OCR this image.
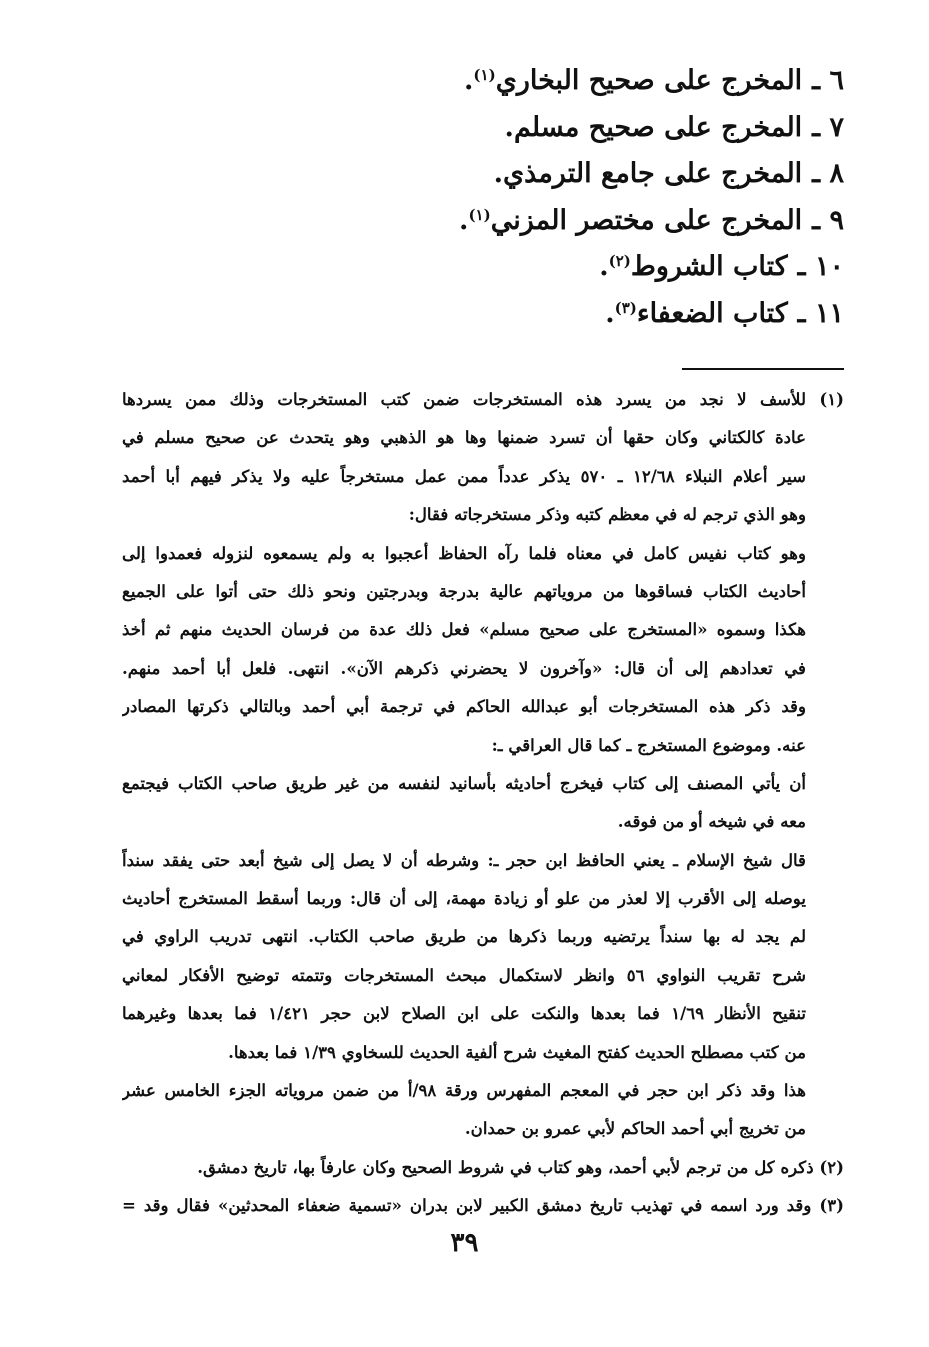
٦ ـالمخرج على صحيح البخاري$^{(١)}$.
٧ ـالمخرج على صحيح مسلم.
٨ ـالمخرج على جامع الترمذي.
٩ ـالمخرج على مختصر المزني$^{(١)}$.
١٠ ـكتاب الشروط$^{(٢)}$.
١١ ـكتاب الضعفاء$^{(٣)}$.
(١) للأسف لا نجد من يسرد هذه المستخرجات ضمن كتب المستخرجات وذلك ممن يسردها
عادة كالكتاني وكان حقها أن تسرد ضمنها وها هو الذهبي وهو يتحدث عن صحيح مسلم في
سير أعلام النبلاء ١٢/٦٨ ـ ٥٧٠ يذكر عدداً ممن عمل مستخرجاً عليه ولا يذكر فيهم أبا أحمد
وهو الذي ترجم له في معظم كتبه وذكر مستخرجاته فقال:
وهو كتاب نفيس كامل في معناه فلما رآه الحفاظ أعجبوا به ولم يسمعوه لنزوله فعمدوا إلى
أحاديث الكتاب فساقوها من مروياتهم عالية بدرجة وبدرجتين ونحو ذلك حتى أتوا على الجميع
هكذا وسموه «المستخرج على صحيح مسلم» فعل ذلك عدة من فرسان الحديث منهم ثم أخذ
في تعدادهم إلى أن قال: «وآخرون لا يحضرني ذكرهم الآن». انتهى. فلعل أبا أحمد منهم.
وقد ذكر هذه المستخرجات أبو عبدالله الحاكم في ترجمة أبي أحمد وبالتالي ذكرتها المصادر
عنه. وموضوع المستخرج ـ كما قال العراقي ـ:
أن يأتي المصنف إلى كتاب فيخرج أحاديثه بأسانيد لنفسه من غير طريق صاحب الكتاب فيجتمع
معه في شيخه أو من فوقه.
قال شيخ الإسلام ـ يعني الحافظ ابن حجر ـ: وشرطه أن لا يصل إلى شيخ أبعد حتى يفقد سنداً
يوصله إلى الأقرب إلا لعذر من علو أو زيادة مهمة، إلى أن قال: وربما أسقط المستخرج أحاديث
لم يجد له بها سنداً يرتضيه وربما ذكرها من طريق صاحب الكتاب. انتهى تدريب الراوي في
شرح تقريب النواوي ٥٦ وانظر لاستكمال مبحث المستخرجات وتتمته توضيح الأفكار لمعاني
تنقيح الأنظار ١/٦٩ فما بعدها والنكت على ابن الصلاح لابن حجر ١/٤٢١ فما بعدها وغيرهما
من كتب مصطلح الحديث كفتح المغيث شرح ألفية الحديث للسخاوي ١/٣٩ فما بعدها.
هذا وقد ذكر ابن حجر في المعجم المفهرس ورقة ٩٨/أ من ضمن مروياته الجزء الخامس عشر
من تخريج أبي أحمد الحاكم لأبي عمرو بن حمدان.
(٢) ذكره كل من ترجم لأبي أحمد، وهو كتاب في شروط الصحيح وكان عارفاً بها، تاريخ دمشق.
(٣) وقد ورد اسمه في تهذيب تاريخ دمشق الكبير لابن بدران «تسمية ضعفاء المحدثين» فقال وقد =
٣٩
